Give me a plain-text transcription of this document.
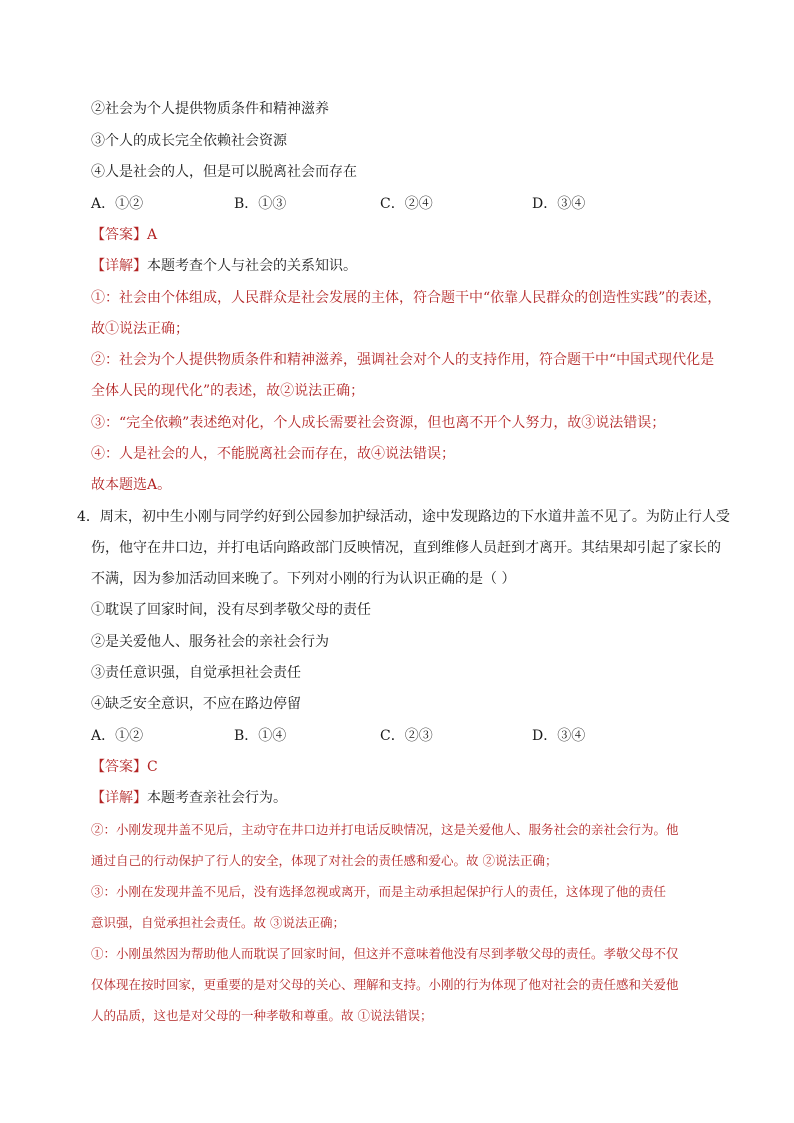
②社会为个人提供物质条件和精神滋养
③个人的成长完全依赖社会资源
④人是社会的人，但是可以脱离社会而存在
A．①②	B．①③	C．②④	D．③④
【答案】A
【详解】本题考查个人与社会的关系知识。
①：社会由个体组成，人民群众是社会发展的主体，符合题干中“依靠人民群众的创造性实践”的表述，
故①说法正确；
②：社会为个人提供物质条件和精神滋养，强调社会对个人的支持作用，符合题干中“中国式现代化是
全体人民的现代化”的表述，故②说法正确；
③：“完全依赖”表述绝对化，个人成长需要社会资源，但也离不开个人努力，故③说法错误；
④：人是社会的人，不能脱离社会而存在，故④说法错误；
故本题选A。
4．周末，初中生小刚与同学约好到公园参加护绿活动，途中发现路边的下水道井盖不见了。为防止行人受
伤，他守在井口边，并打电话向路政部门反映情况，直到维修人员赶到才离开。其结果却引起了家长的
不满，因为参加活动回来晚了。下列对小刚的行为认识正确的是（ ）
①耽误了回家时间，没有尽到孝敬父母的责任
②是关爱他人、服务社会的亲社会行为
③责任意识强，自觉承担社会责任
④缺乏安全意识，不应在路边停留
A．①②	B．①④	C．②③	D．③④
【答案】C
【详解】本题考查亲社会行为。
②：小刚发现井盖不见后，主动守在井口边并打电话反映情况，这是关爱他人、服务社会的亲社会行为。他
通过自己的行动保护了行人的安全，体现了对社会的责任感和爱心。故 ②说法正确；
③：小刚在发现井盖不见后，没有选择忽视或离开，而是主动承担起保护行人的责任，这体现了他的责任
意识强，自觉承担社会责任。故 ③说法正确；
①：小刚虽然因为帮助他人而耽误了回家时间，但这并不意味着他没有尽到孝敬父母的责任。孝敬父母不仅
仅体现在按时回家，更重要的是对父母的关心、理解和支持。小刚的行为体现了他对社会的责任感和关爱他
人的品质，这也是对父母的一种孝敬和尊重。故 ①说法错误；
